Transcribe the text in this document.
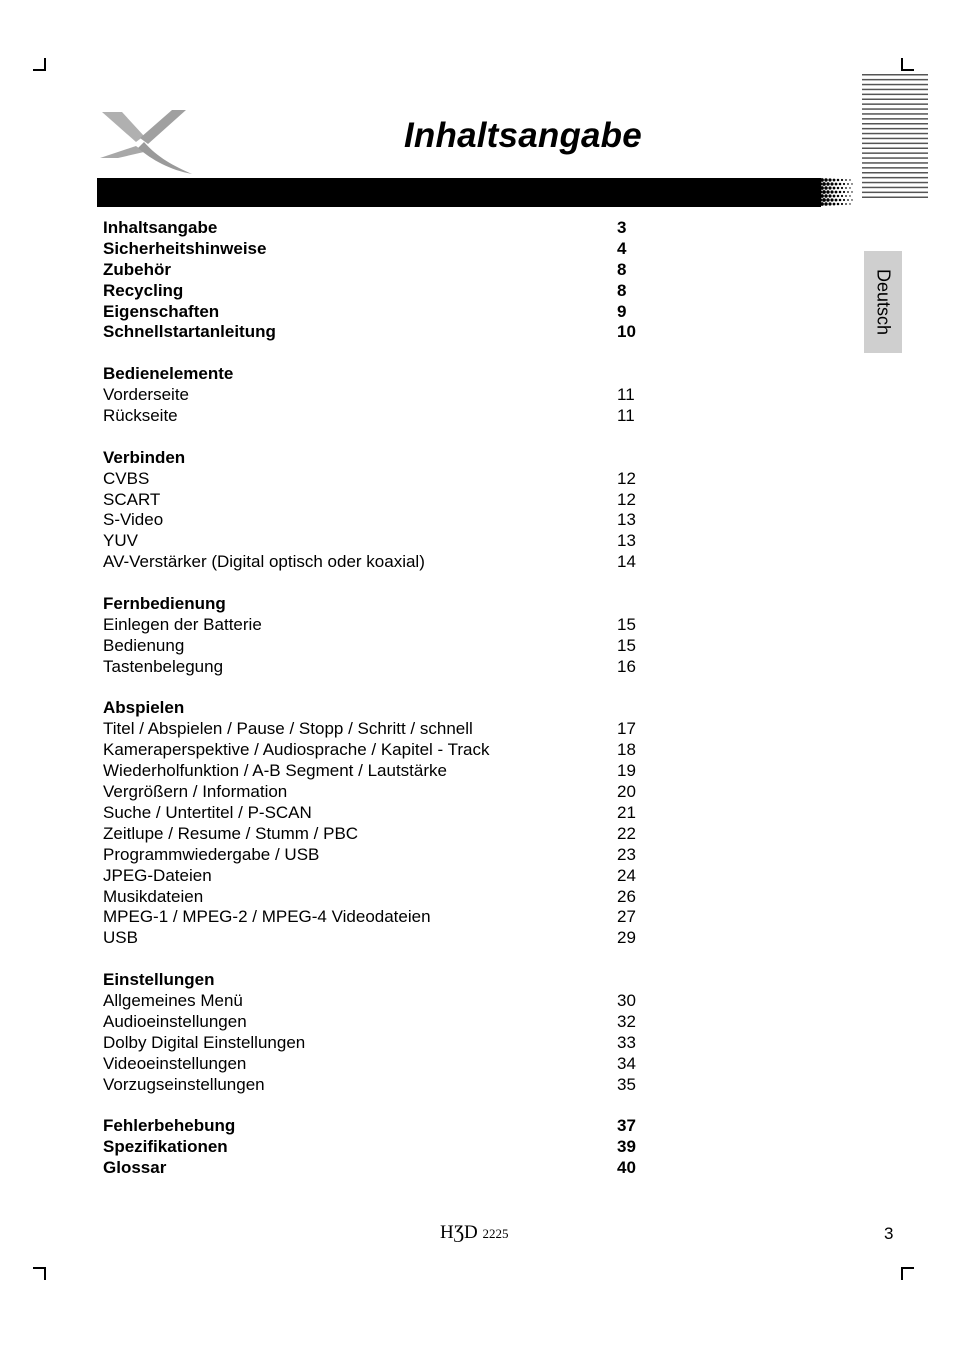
Inhaltsangabe
Deutsch
Inhaltsangabe	3
Sicherheitshinweise	4
Zubehör	8
Recycling	8
Eigenschaften	9
Schnellstartanleitung	10
Bedienelemente
Vorderseite	11
Rückseite	11
Verbinden
CVBS	12
SCART	12
S-Video	13
YUV	13
AV-Verstärker (Digital optisch oder koaxial)	14
Fernbedienung
Einlegen der Batterie	15
Bedienung	15
Tastenbelegung	16
Abspielen
Titel / Abspielen / Pause / Stopp / Schritt / schnell	17
Kameraperspektive / Audiosprache / Kapitel - Track	18
Wiederholfunktion / A-B Segment / Lautstärke	19
Vergrößern / Information	20
Suche / Untertitel / P-SCAN	21
Zeitlupe / Resume / Stumm / PBC	22
Programmwiedergabe / USB	23
JPEG-Dateien	24
Musikdateien	26
MPEG-1 / MPEG-2 / MPEG-4 Videodateien	27
USB	29
Einstellungen
Allgemeines Menü	30
Audioeinstellungen	32
Dolby Digital Einstellungen	33
Videoeinstellungen	34
Vorzugseinstellungen	35
Fehlerbehebung	37
Spezifikationen	39
Glossar	40
HƷD 2225	3
